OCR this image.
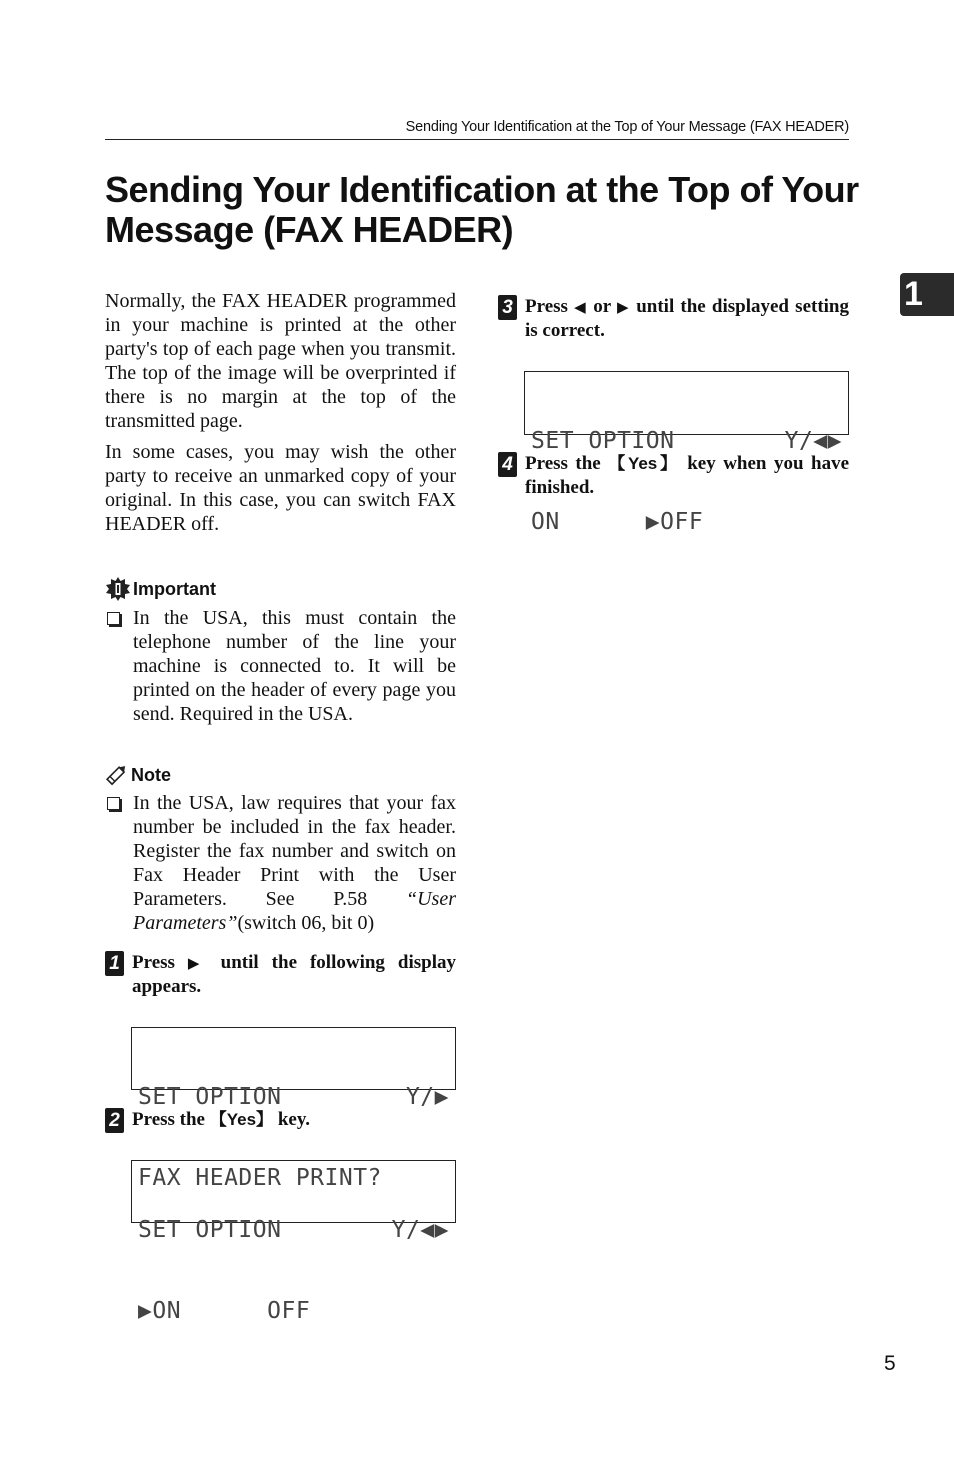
Sending Your Identification at the Top of Your Message (FAX HEADER)
Sending Your Identification at the Top of Your Message (FAX HEADER)
1

Normally, the FAX HEADER programmed in your machine is printed at the other party's top of each page when you transmit. The top of the image will be overprinted if there is no margin at the top of the transmitted page.

In some cases, you may wish the other party to receive an unmarked copy of your original. In this case, you can switch FAX HEADER off.

Important
In the USA, this must contain the telephone number of the line your machine is connected to. It will be printed on the header of every page you send. Required in the USA.
Note
In the USA, law requires that your fax number be included in the fax header. Register the fax number and switch on Fax Header Print with the User Parameters. See P.58 “User Parameters”(switch 06, bit 0)
1 Press ▶ until the following display appears.

SET OPTION	Y/▶

FAX HEADER PRINT?

2 Press the 【Yes】 key.

SET OPTION	Y/◀▶

▶ON      OFF

3 Press ◀ or ▶ until the displayed setting is correct.

SET OPTION	Y/◀▶

ON      ▶OFF

4 Press the 【Yes】 key when you have finished.
5
